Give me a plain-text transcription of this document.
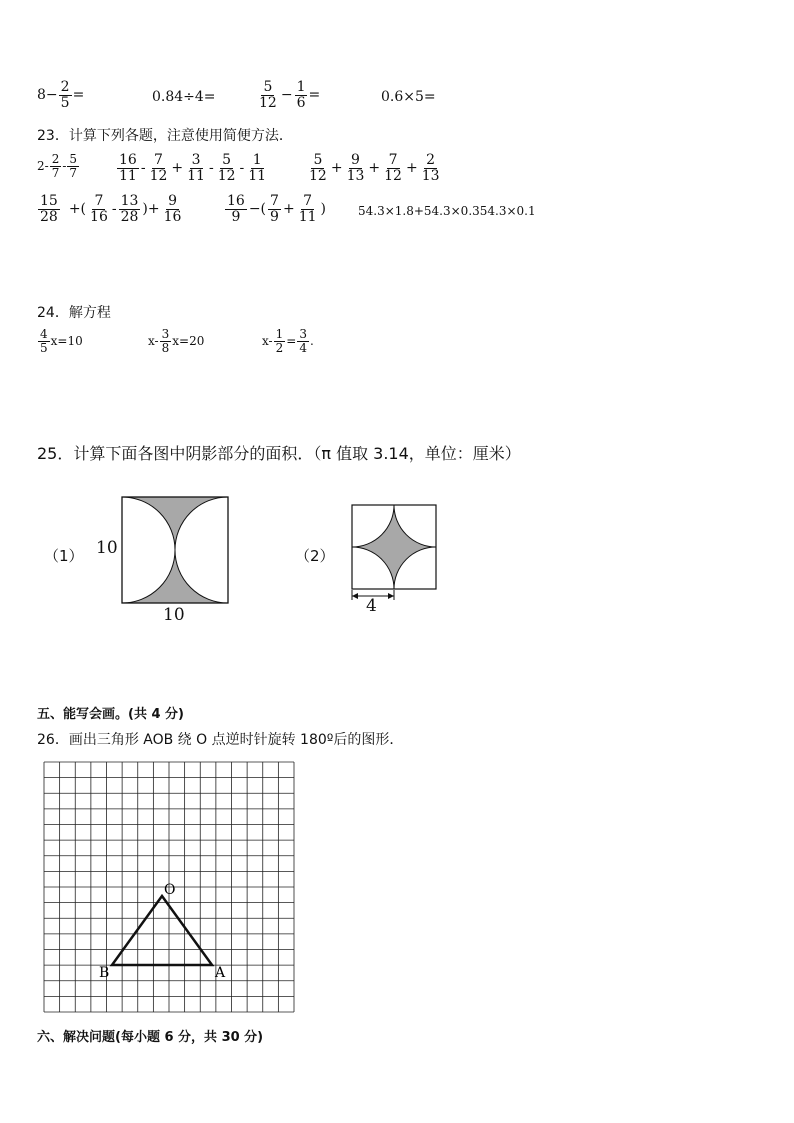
$8- \frac{2}{5}$ =	0.84÷4=	$\frac{5}{12} - \frac{1}{6}$ =	0.6×5=
23．计算下列各题，注意使用简便方法．
$2- \frac{2}{7} - \frac{5}{7}$	$\frac{16}{11} - \frac{7}{12} + \frac{3}{11} - \frac{5}{12} - \frac{1}{11}$	$\frac{5}{12} + \frac{9}{13} + \frac{7}{12} + \frac{2}{13}$
$\frac{15}{28}$ +( $\frac{7}{16} - \frac{13}{28}$ )+ $\frac{9}{16}$	$\frac{16}{9}$ −( $\frac{7}{9} + \frac{7}{11}$ )	54.3×1.8+54.3×0.354.3×0.1
24．解方程
$\frac{4}{5} x=10$	$x- \frac{3}{8} x=20$	$x- \frac{1}{2} = \frac{3}{4}$ .
25．计算下面各图中阴影部分的面积．（π 值取 3.14，单位：厘米）
（1） 10
10
（2）
4
五、能写会画。(共 4 分)
26．画出三角形 AOB 绕 O 点逆时针旋转 180º后的图形．
O
A
B
六、解决问题(每小题 6 分，共 30 分)
